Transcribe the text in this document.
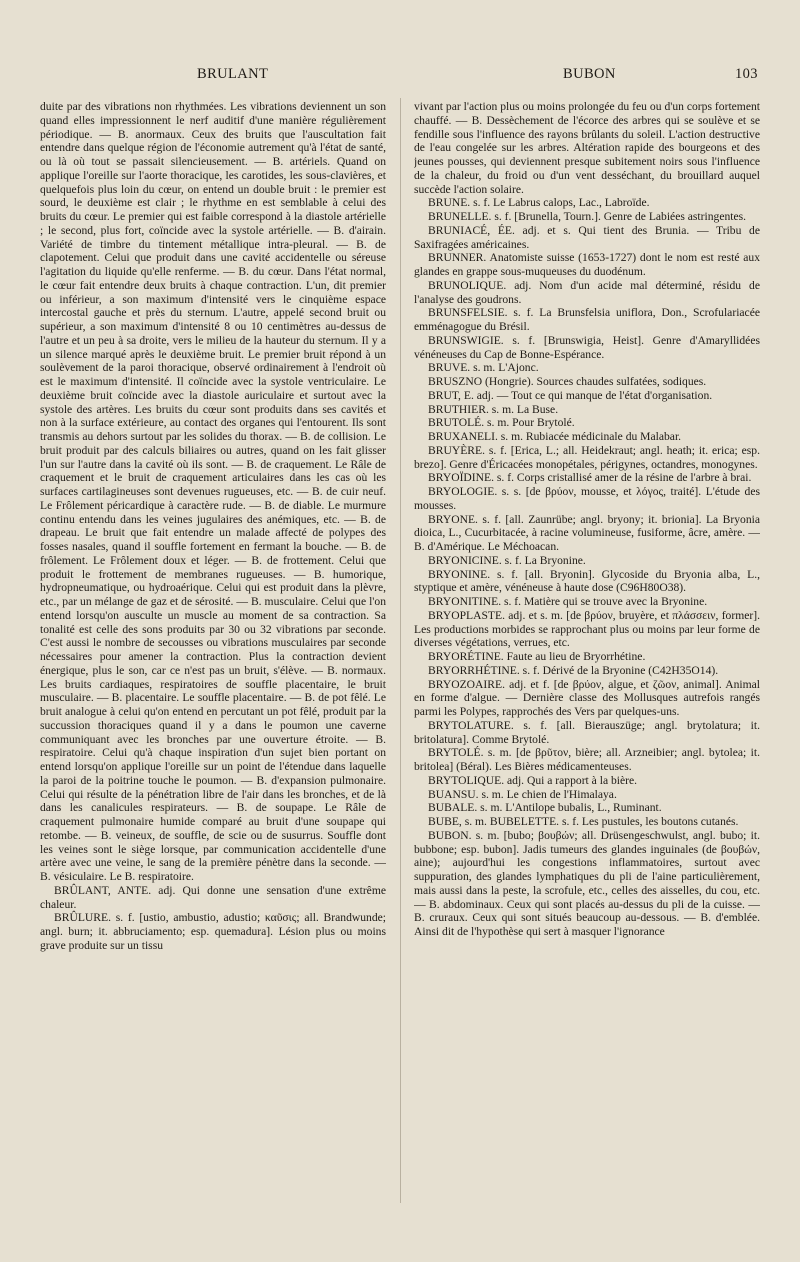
BRULANT	BUBON	103

duite par des vibrations non rhythmées. Les vibrations deviennent un son quand elles impressionnent le nerf auditif d'une manière régulièrement périodique. — B. anormaux. Ceux des bruits que l'auscultation fait entendre dans quelque région de l'économie autrement qu'à l'état de santé, ou là où tout se passait silencieusement. — B. artériels. Quand on applique l'oreille sur l'aorte thoracique, les carotides, les sous-clavières, et quelquefois plus loin du cœur, on entend un double bruit : le premier est sourd, le deuxième est clair ; le rhythme en est semblable à celui des bruits du cœur. Le premier qui est faible correspond à la diastole artérielle ; le second, plus fort, coïncide avec la systole artérielle. — B. d'airain. Variété de timbre du tintement métallique intra-pleural. — B. de clapotement. Celui que produit dans une cavité accidentelle ou séreuse l'agitation du liquide qu'elle renferme. — B. du cœur. Dans l'état normal, le cœur fait entendre deux bruits à chaque contraction. L'un, dit premier ou inférieur, a son maximum d'intensité vers le cinquième espace intercostal gauche et près du sternum. L'autre, appelé second bruit ou supérieur, a son maximum d'intensité 8 ou 10 centimètres au-dessus de l'autre et un peu à sa droite, vers le milieu de la hauteur du sternum. Il y a un silence marqué après le deuxième bruit. Le premier bruit répond à un soulèvement de la paroi thoracique, observé ordinairement à l'endroit où est le maximum d'intensité. Il coïncide avec la systole ventriculaire. Le deuxième bruit coïncide avec la diastole auriculaire et surtout avec la systole des artères. Les bruits du cœur sont produits dans ses cavités et non à la surface extérieure, au contact des organes qui l'entourent. Ils sont transmis au dehors surtout par les solides du thorax. — B. de collision. Le bruit produit par des calculs biliaires ou autres, quand on les fait glisser l'un sur l'autre dans la cavité où ils sont. — B. de craquement. Le Râle de craquement et le bruit de craquement articulaires dans les cas où les surfaces cartilagineuses sont devenues rugueuses, etc. — B. de cuir neuf. Le Frôlement péricardique à caractère rude. — B. de diable. Le murmure continu entendu dans les veines jugulaires des anémiques, etc. — B. de drapeau. Le bruit que fait entendre un malade affecté de polypes des fosses nasales, quand il souffle fortement en fermant la bouche. — B. de frôlement. Le Frôlement doux et léger. — B. de frottement. Celui que produit le frottement de membranes rugueuses. — B. humorique, hydropneumatique, ou hydroaérique. Celui qui est produit dans la plèvre, etc., par un mélange de gaz et de sérosité. — B. musculaire. Celui que l'on entend lorsqu'on ausculte un muscle au moment de sa contraction. Sa tonalité est celle des sons produits par 30 ou 32 vibrations par seconde. C'est aussi le nombre de secousses ou vibrations musculaires par seconde nécessaires pour amener la contraction. Plus la contraction devient énergique, plus le son, car ce n'est pas un bruit, s'élève. — B. normaux. Les bruits cardiaques, respiratoires de souffle placentaire, le bruit musculaire. — B. placentaire. Le souffle placentaire. — B. de pot fêlé. Le bruit analogue à celui qu'on entend en percutant un pot fêlé, produit par la succussion thoraciques quand il y a dans le poumon une caverne communiquant avec les bronches par une ouverture étroite. — B. respiratoire. Celui qu'à chaque inspiration d'un sujet bien portant on entend lorsqu'on applique l'oreille sur un point de l'étendue dans laquelle la paroi de la poitrine touche le poumon. — B. d'expansion pulmonaire. Celui qui résulte de la pénétration libre de l'air dans les bronches, et de là dans les canalicules respirateurs. — B. de soupape. Le Râle de craquement pulmonaire humide comparé au bruit d'une soupape qui retombe. — B. veineux, de souffle, de scie ou de susurrus. Souffle dont les veines sont le siège lorsque, par communication accidentelle d'une artère avec une veine, le sang de la première pénètre dans la seconde. — B. vésiculaire. Le B. respiratoire.

BRÛLANT, ANTE. adj. Qui donne une sensation d'une extrême chaleur.

BRÛLURE. s. f. [ustio, ambustio, adustio; καῦσις; all. Brandwunde; angl. burn; it. abbruciamento; esp. quemadura]. Lésion plus ou moins grave produite sur un tissu

vivant par l'action plus ou moins prolongée du feu ou d'un corps fortement chauffé. — B. Dessèchement de l'écorce des arbres qui se soulève et se fendille sous l'influence des rayons brûlants du soleil. L'action destructive de l'eau congelée sur les arbres. Altération rapide des bourgeons et des jeunes pousses, qui deviennent presque subitement noirs sous l'influence de la chaleur, du froid ou d'un vent desséchant, du brouillard auquel succède l'action solaire.

BRUNE. s. f. Le Labrus calops, Lac., Labroïde.

BRUNELLE. s. f. [Brunella, Tourn.]. Genre de Labiées astringentes.

BRUNIACÉ, ÉE. adj. et s. Qui tient des Brunia. — Tribu de Saxifragées américaines.

BRUNNER. Anatomiste suisse (1653-1727) dont le nom est resté aux glandes en grappe sous-muqueuses du duodénum.

BRUNOLIQUE. adj. Nom d'un acide mal déterminé, résidu de l'analyse des goudrons.

BRUNSFELSIE. s. f. La Brunsfelsia uniflora, Don., Scrofulariacée emménagogue du Brésil.

BRUNSWIGIE. s. f. [Brunswigia, Heist]. Genre d'Amaryllidées vénéneuses du Cap de Bonne-Espérance.

BRUVE. s. m. L'Ajonc.

BRUSZNO (Hongrie). Sources chaudes sulfatées, sodiques.

BRUT, E. adj. — Tout ce qui manque de l'état d'organisation.

BRUTHIER. s. m. La Buse.

BRUTOLÉ. s. m. Pour Brytolé.

BRUXANELI. s. m. Rubiacée médicinale du Malabar.

BRUYÈRE. s. f. [Erica, L.; all. Heidekraut; angl. heath; it. erica; esp. brezo]. Genre d'Éricacées monopétales, périgynes, octandres, monogynes.

BRYOÏDINE. s. f. Corps cristallisé amer de la résine de l'arbre à brai.

BRYOLOGIE. s. s. [de βρύον, mousse, et λόγος, traité]. L'étude des mousses.

BRYONE. s. f. [all. Zaunrübe; angl. bryony; it. brionia]. La Bryonia dioica, L., Cucurbitacée, à racine volumineuse, fusiforme, âcre, amère. — B. d'Amérique. Le Méchoacan.

BRYONICINE. s. f. La Bryonine.

BRYONINE. s. f. [all. Bryonin]. Glycoside du Bryonia alba, L., styptique et amère, vénéneuse à haute dose (C96H80O38).

BRYONITINE. s. f. Matière qui se trouve avec la Bryonine.

BRYOPLASTE. adj. et s. m. [de βρύον, bruyère, et πλάσσειν, former]. Les productions morbides se rapprochant plus ou moins par leur forme de diverses végétations, verrues, etc.

BRYORÉTINE. Faute au lieu de Bryorrhétine.

BRYORRHÉTINE. s. f. Dérivé de la Bryonine (C42H35O14).

BRYOZOAIRE. adj. et f. [de βρύον, algue, et ζῶον, animal]. Animal en forme d'algue. — Dernière classe des Mollusques autrefois rangés parmi les Polypes, rapprochés des Vers par quelques-uns.

BRYTOLATURE. s. f. [all. Bierauszüge; angl. brytolatura; it. britolatura]. Comme Brytolé.

BRYTOLÉ. s. m. [de βρῦτον, bière; all. Arzneibier; angl. bytolea; it. britolea] (Béral). Les Bières médicamenteuses.

BRYTOLIQUE. adj. Qui a rapport à la bière.

BUANSU. s. m. Le chien de l'Himalaya.

BUBALE. s. m. L'Antilope bubalis, L., Ruminant.

BUBE, s. m. BUBELETTE. s. f. Les pustules, les boutons cutanés.

BUBON. s. m. [bubo; βουβών; all. Drüsengeschwulst, angl. bubo; it. bubbone; esp. bubon]. Jadis tumeurs des glandes inguinales (de βουβών, aine); aujourd'hui les congestions inflammatoires, surtout avec suppuration, des glandes lymphatiques du pli de l'aine particulièrement, mais aussi dans la peste, la scrofule, etc., celles des aisselles, du cou, etc. — B. abdominaux. Ceux qui sont placés au-dessus du pli de la cuisse. — B. cruraux. Ceux qui sont situés beaucoup au-dessous. — B. d'emblée. Ainsi dit de l'hypothèse qui sert à masquer l'ignorance
